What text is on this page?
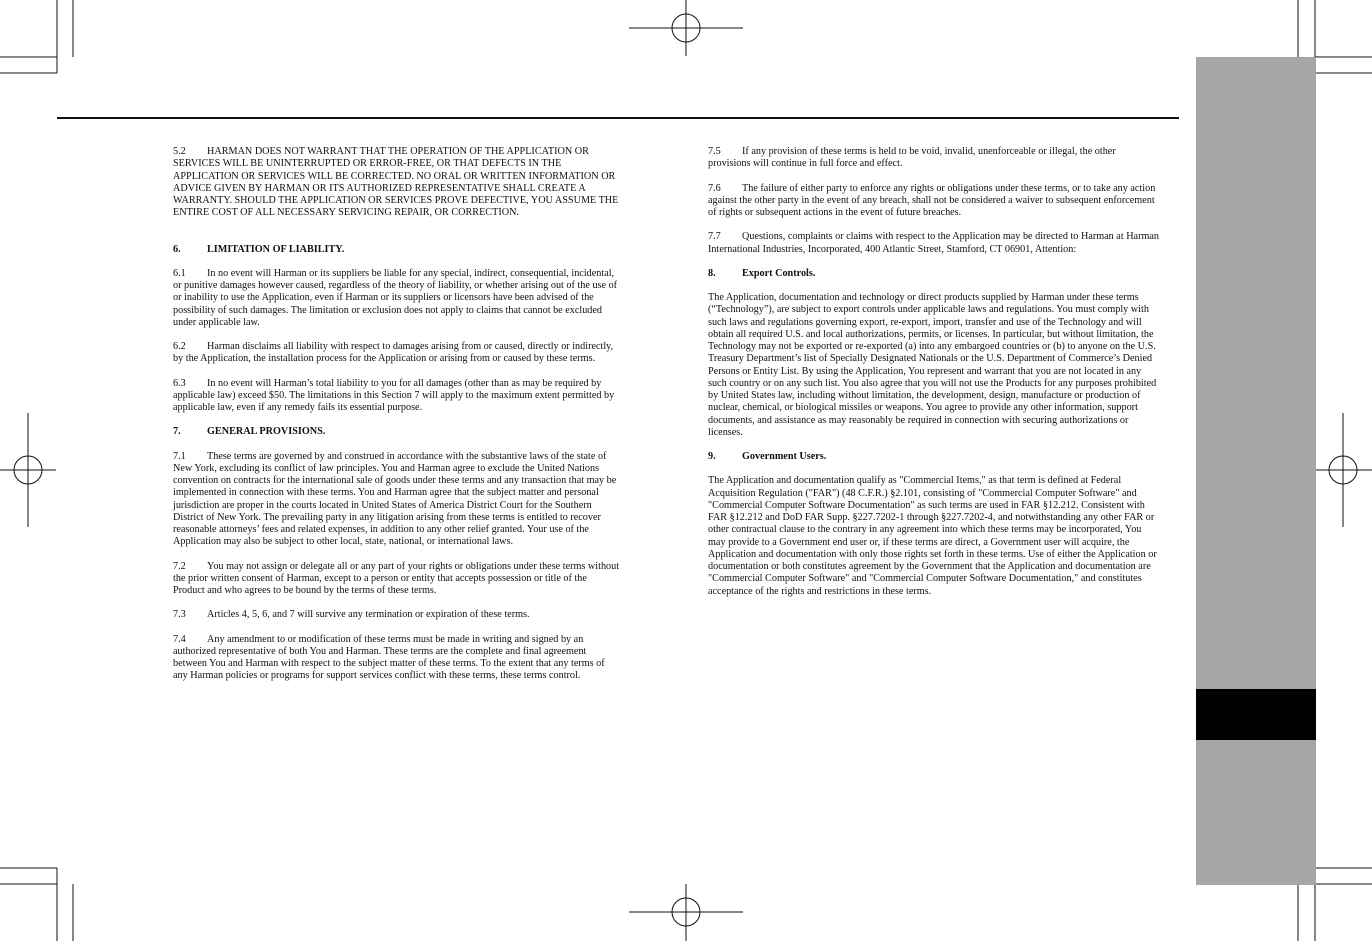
5.2 HARMAN DOES NOT WARRANT THAT THE OPERATION OF THE APPLICATION OR SERVICES WILL BE UNINTERRUPTED OR ERROR-FREE, OR THAT DEFECTS IN THE APPLICATION OR SERVICES WILL BE CORRECTED. NO ORAL OR WRITTEN INFORMATION OR ADVICE GIVEN BY HARMAN OR ITS AUTHORIZED REPRESENTATIVE SHALL CREATE A WARRANTY. SHOULD THE APPLICATION OR SERVICES PROVE DEFECTIVE, YOU ASSUME THE ENTIRE COST OF ALL NECESSARY SERVICING REPAIR, OR CORRECTION.

6.	LIMITATION OF LIABILITY.

6.1 In no event will Harman or its suppliers be liable for any special, indirect, consequential, incidental, or punitive damages however caused, regardless of the theory of liability, or whether arising out of the use of or inability to use the Application, even if Harman or its suppliers or licensors have been advised of the possibility of such damages. The limitation or exclusion does not apply to claims that cannot be excluded under applicable law.

6.2 Harman disclaims all liability with respect to damages arising from or caused, directly or indirectly, by the Application, the installation process for the Application or arising from or caused by these terms.

6.3 In no event will Harman’s total liability to you for all damages (other than as may be required by applicable law) exceed $50. The limitations in this Section 7 will apply to the maximum extent permitted by applicable law, even if any remedy fails its essential purpose.

7.	GENERAL PROVISIONS.

7.1 These terms are governed by and construed in accordance with the substantive laws of the state of New York, excluding its conflict of law principles. You and Harman agree to exclude the United Nations convention on contracts for the international sale of goods under these terms and any transaction that may be implemented in connection with these terms. You and Harman agree that the subject matter and personal jurisdiction are proper in the courts located in United States of America District Court for the Southern District of New York. The prevailing party in any litigation arising from these terms is entitled to recover reasonable attorneys’ fees and related expenses, in addition to any other relief granted. Your use of the Application may also be subject to other local, state, national, or international laws.

7.2 You may not assign or delegate all or any part of your rights or obligations under these terms without the prior written consent of Harman, except to a person or entity that accepts possession or title of the Product and who agrees to be bound by the terms of these terms.

7.3 Articles 4, 5, 6, and 7 will survive any termination or expiration of these terms.

7.4 Any amendment to or modification of these terms must be made in writing and signed by an authorized representative of both You and Harman. These terms are the complete and final agreement between You and Harman with respect to the subject matter of these terms. To the extent that any terms of any Harman policies or programs for support services conflict with these terms, these terms control.

7.5 If any provision of these terms is held to be void, invalid, unenforceable or illegal, the other provisions will continue in full force and effect.

7.6 The failure of either party to enforce any rights or obligations under these terms, or to take any action against the other party in the event of any breach, shall not be considered a waiver to subsequent enforcement of rights or subsequent actions in the event of future breaches.

7.7 Questions, complaints or claims with respect to the Application may be directed to Harman at Harman International Industries, Incorporated, 400 Atlantic Street, Stamford, CT 06901, Attention:

8.	Export Controls.

The Application, documentation and technology or direct products supplied by Harman under these terms (“Technology”), are subject to export controls under applicable laws and regulations. You must comply with such laws and regulations governing export, re-export, import, transfer and use of the Technology and will obtain all required U.S. and local authorizations, permits, or licenses. In particular, but without limitation, the Technology may not be exported or re-exported (a) into any embargoed countries or (b) to anyone on the U.S. Treasury Department’s list of Specially Designated Nationals or the U.S. Department of Commerce’s Denied Persons or Entity List. By using the Application, You represent and warrant that you are not located in any such country or on any such list. You also agree that you will not use the Products for any purposes prohibited by United States law, including without limitation, the development, design, manufacture or production of nuclear, chemical, or biological missiles or weapons. You agree to provide any other information, support documents, and assistance as may reasonably be required in connection with securing authorizations or licenses.

9.	Government Users.

The Application and documentation qualify as "Commercial Items," as that term is defined at Federal Acquisition Regulation ("FAR") (48 C.F.R.) §2.101, consisting of "Commercial Computer Software" and "Commercial Computer Software Documentation" as such terms are used in FAR §12.212. Consistent with FAR §12.212 and DoD FAR Supp. §227.7202-1 through §227.7202-4, and notwithstanding any other FAR or other contractual clause to the contrary in any agreement into which these terms may be incorporated, You may provide to a Government end user or, if these terms are direct, a Government user will acquire, the Application and documentation with only those rights set forth in these terms. Use of either the Application or documentation or both constitutes agreement by the Government that the Application and documentation are "Commercial Computer Software" and "Commercial Computer Software Documentation," and constitutes acceptance of the rights and restrictions in these terms.
